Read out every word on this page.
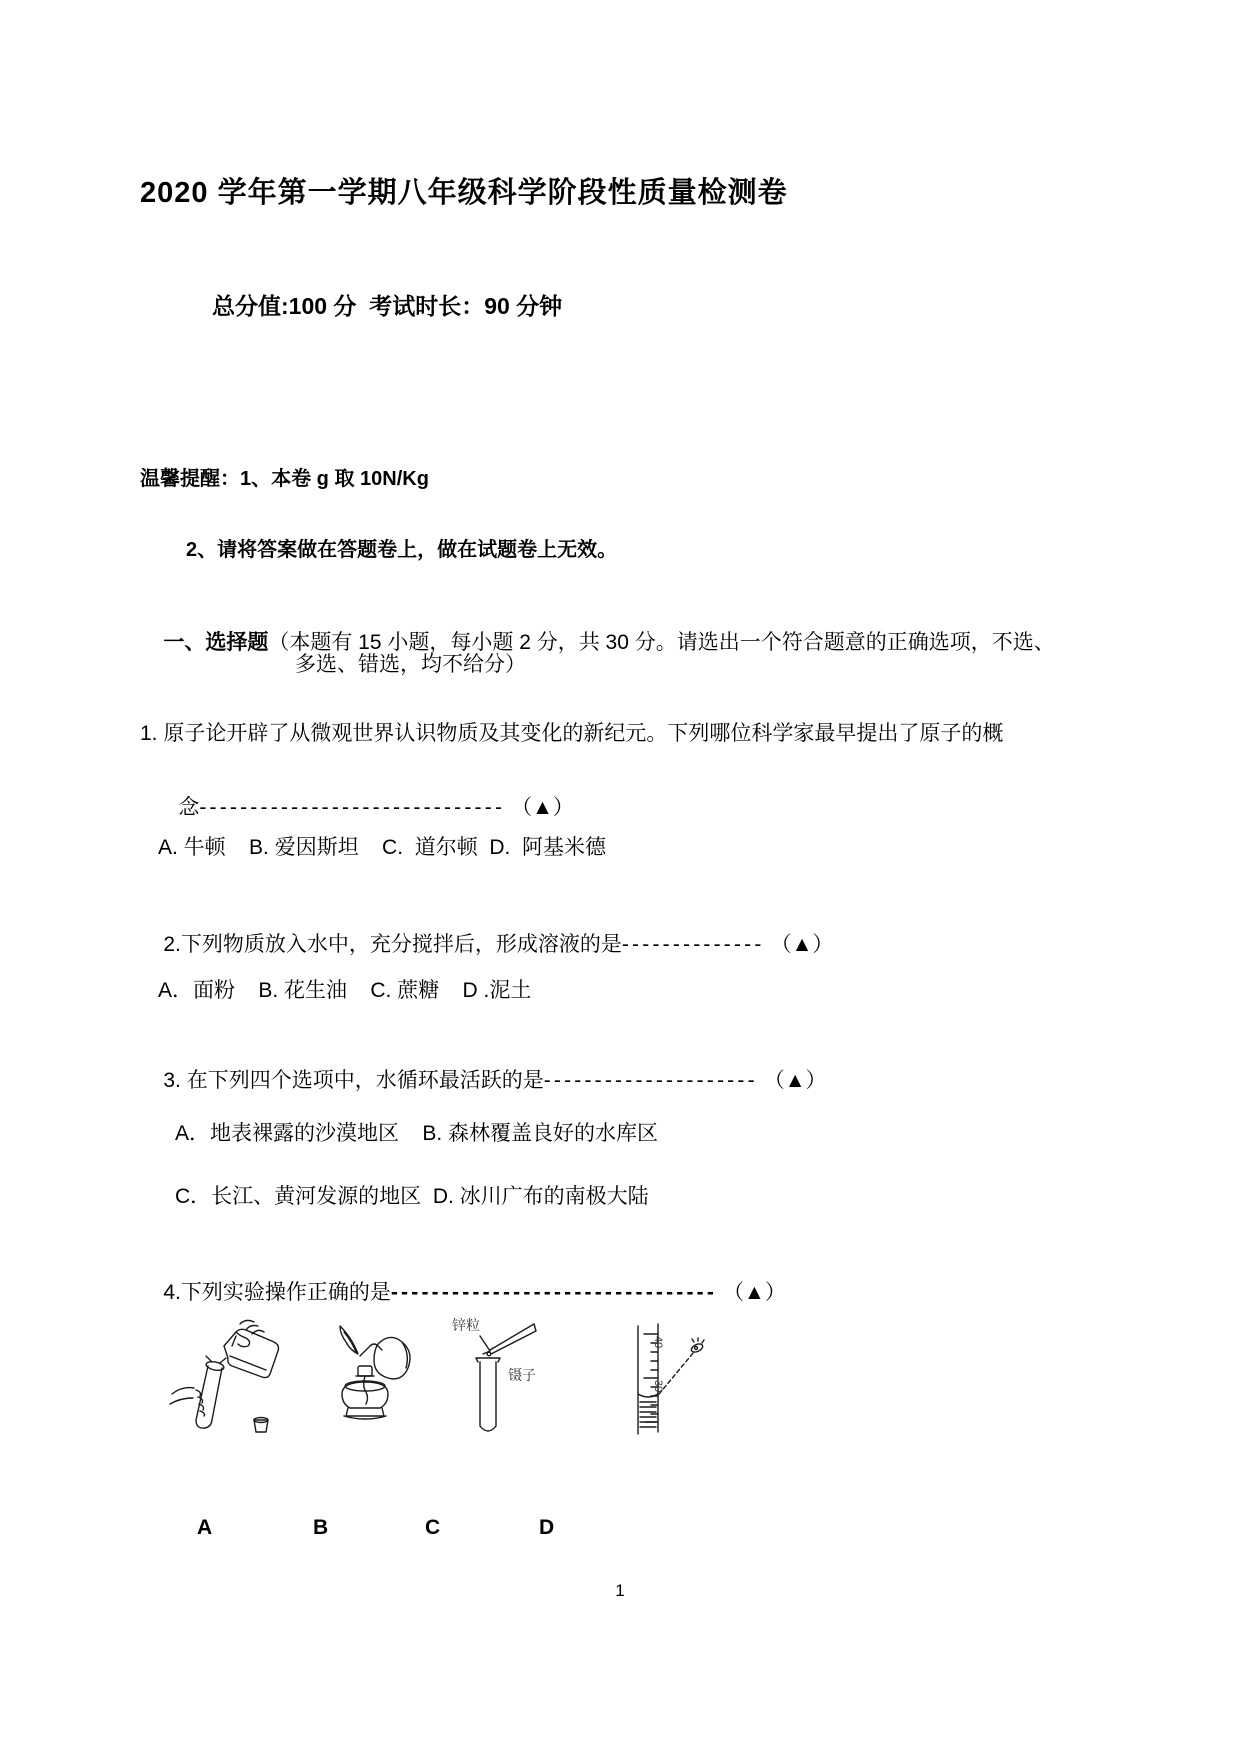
2020 学年第一学期八年级科学阶段性质量检测卷
总分值:100 分  考试时长：90 分钟
温馨提醒：1、本卷 g 取 10N/Kg
2、请将答案做在答题卷上，做在试题卷上无效。

一、选择题（本题有 15 小题，每小题 2 分，共 30 分。请选出一个符合题意的正确选项，不选、

多选、错选，均不给分）
1. 原子论开辟了从微观世界认识物质及其变化的新纪元。下列哪位科学家最早提出了原子的概

念------------------------------ （▲）

A. 牛顿    B. 爱因斯坦    C.  道尔顿  D.  阿基米德

2.下列物质放入水中，充分搅拌后，形成溶液的是-------------- （▲）

A．面粉    B. 花生油    C. 蔗糖    D .泥土

3. 在下列四个选项中，水循环最活跃的是--------------------- （▲）

A．地表裸露的沙漠地区    B. 森林覆盖良好的水库区
C．长江、黄河发源的地区  D. 冰川广布的南极大陆

4.下列实验操作正确的是-------------------------------- （▲）

锌粒
镊子
40
30
A	B	C	D
1
